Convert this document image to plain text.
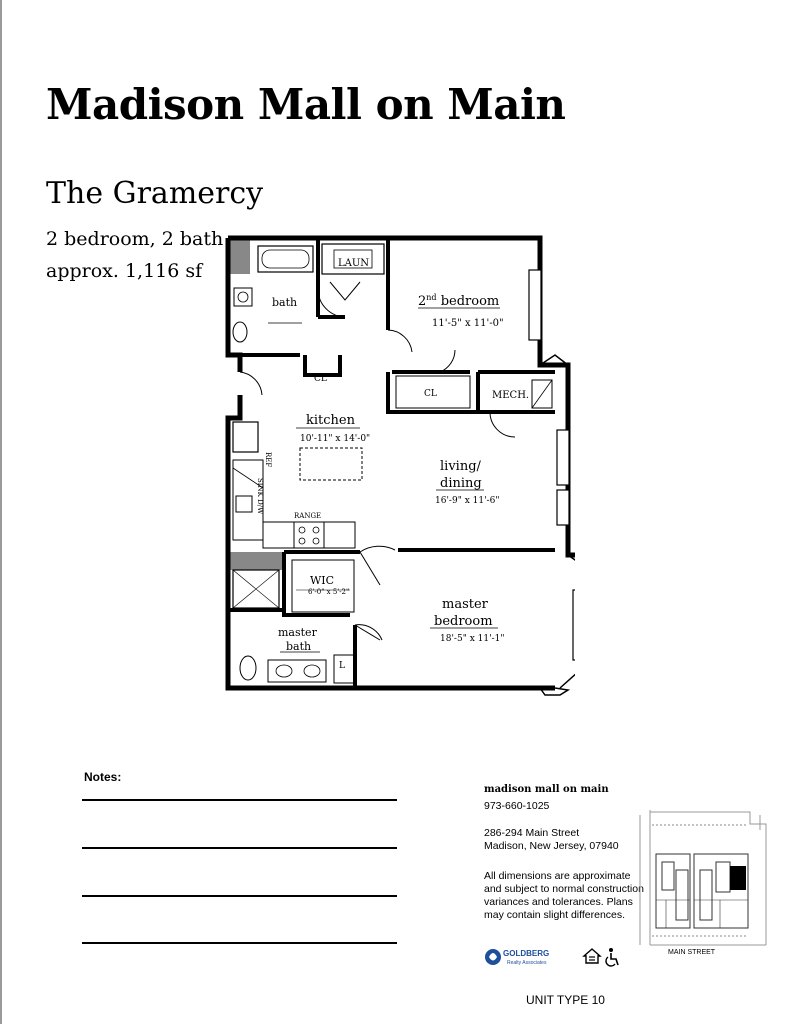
Madison Mall on Main
The Gramercy
2 bedroom, 2 bath
approx. 1,116 sf
bath
LAUN
CL
CL	MECH.
2nd bedroom
11'-5" x 11'-0"
kitchen
10'-11" x 14'-0"
REF
SINK D/W
RANGE
living/
dining
16'-9" x 11'-6"
WIC
6'-0" x 5'-2"
master
bedroom
18'-5" x 11'-1"
master
bath
L
Notes:
madison mall on main
973-660-1025
286-294 Main Street
Madison, New Jersey, 07940
All dimensions are approximate and subject to normal construction variances and tolerances. Plans may contain slight differences.
GOLDBERG
Realty Associates
MAIN STREET
UNIT TYPE 10
